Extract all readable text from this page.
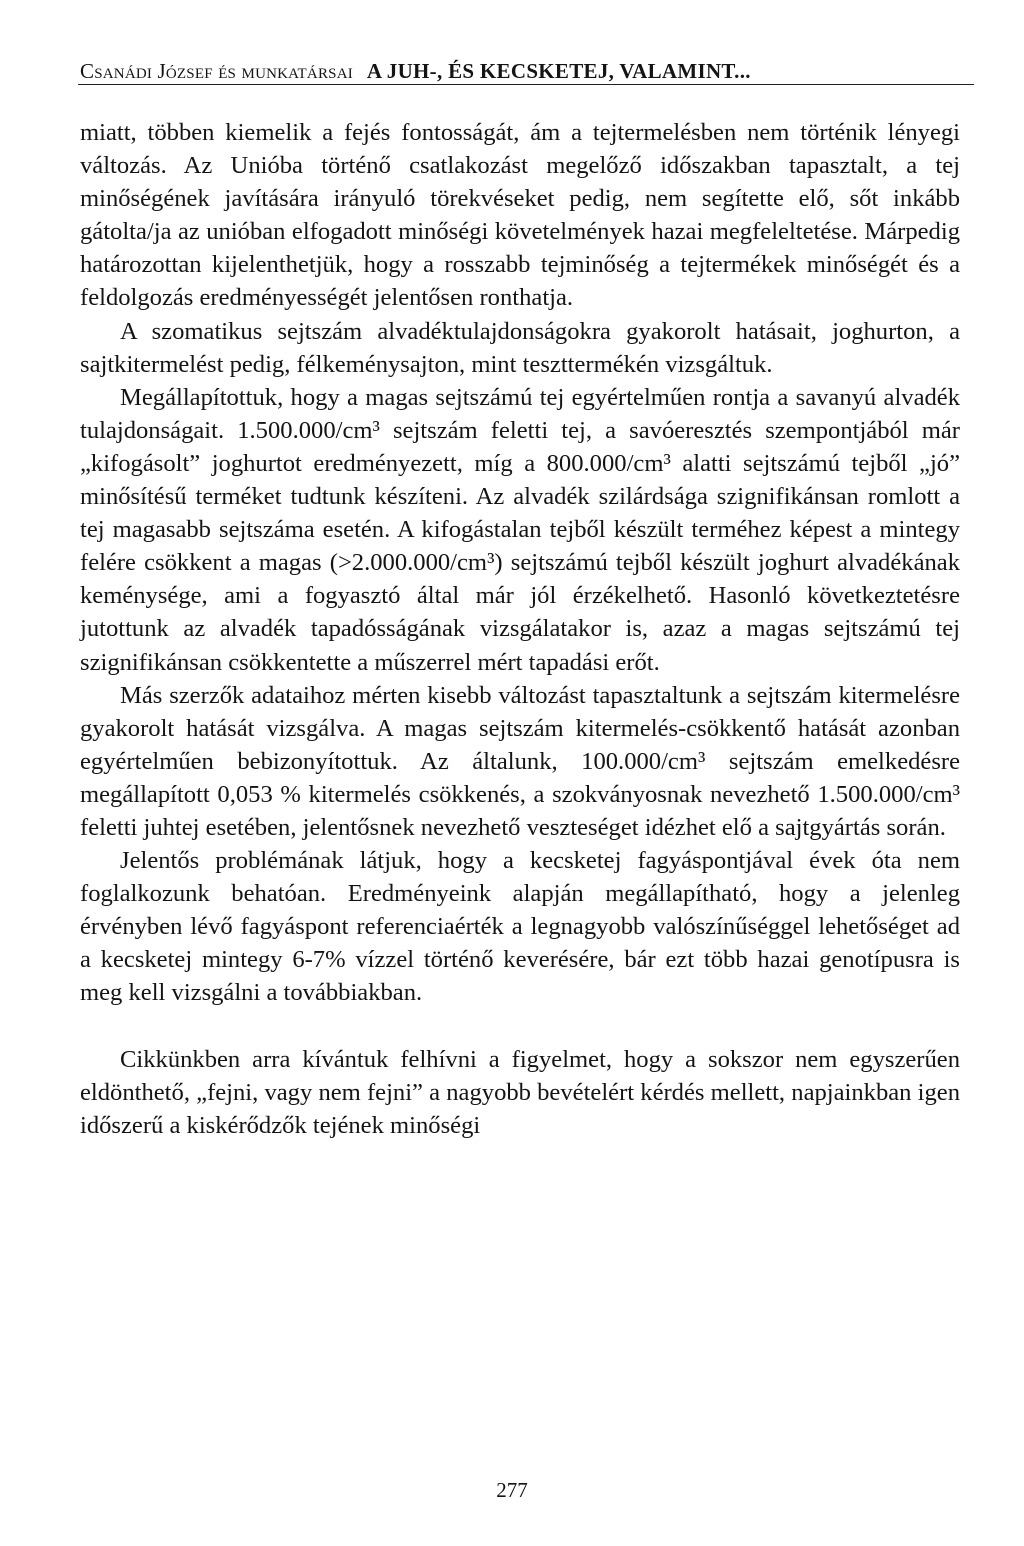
Csanádi József és munkatársai A JUH-, ÉS KECSKETEJ, VALAMINT...

miatt, többen kiemelik a fejés fontosságát, ám a tejtermelésben nem történik lényegi változás. Az Unióba történő csatlakozást megelőző időszakban tapasztalt, a tej minőségének javítására irányuló törekvéseket pedig, nem segítette elő, sőt inkább gátolta/ja az unióban elfogadott minőségi követelmények hazai megfeleltetése. Márpedig határozottan kijelenthetjük, hogy a rosszabb tejminőség a tejtermékek minőségét és a feldolgozás eredményességét jelentősen ronthatja.

A szomatikus sejtszám alvadéktulajdonságokra gyakorolt hatásait, joghurton, a sajtkitermelést pedig, félkeménysajton, mint teszttermékén vizsgáltuk.

Megállapítottuk, hogy a magas sejtszámú tej egyértelműen rontja a savanyú alvadék tulajdonságait. 1.500.000/cm³ sejtszám feletti tej, a savóeresztés szempontjából már „kifogásolt” joghurtot eredményezett, míg a 800.000/cm³ alatti sejtszámú tejből „jó” minősítésű terméket tudtunk készíteni. Az alvadék szilárdsága szignifikánsan romlott a tej magasabb sejtszáma esetén. A kifogástalan tejből készült terméhez képest a mintegy felére csökkent a magas (>2.000.000/cm³) sejtszámú tejből készült joghurt alvadékának keménysége, ami a fogyasztó által már jól érzékelhető. Hasonló következtetésre jutottunk az alvadék tapadósságának vizsgálatakor is, azaz a magas sejtszámú tej szignifikánsan csökkentette a műszerrel mért tapadási erőt.

Más szerzők adataihoz mérten kisebb változást tapasztaltunk a sejtszám kitermelésre gyakorolt hatását vizsgálva. A magas sejtszám kitermelés-csökkentő hatását azonban egyértelműen bebizonyítottuk. Az általunk, 100.000/cm³ sejtszám emelkedésre megállapított 0,053 % kitermelés csökkenés, a szokványosnak nevezhető 1.500.000/cm³ feletti juhtej esetében, jelentősnek nevezhető veszteséget idézhet elő a sajtgyártás során.

Jelentős problémának látjuk, hogy a kecsketej fagyáspontjával évek óta nem foglalkozunk behatóan. Eredményeink alapján megállapítható, hogy a jelenleg érvényben lévő fagyáspont referenciaérték a legnagyobb valószínűséggel lehetőséget ad a kecsketej mintegy 6-7% vízzel történő keverésére, bár ezt több hazai genotípusra is meg kell vizsgálni a továbbiakban.

Cikkünkben arra kívántuk felhívni a figyelmet, hogy a sokszor nem egyszerűen eldönthető, „fejni, vagy nem fejni” a nagyobb bevételért kérdés mellett, napjainkban igen időszerű a kiskérődzők tejének minőségi

277
